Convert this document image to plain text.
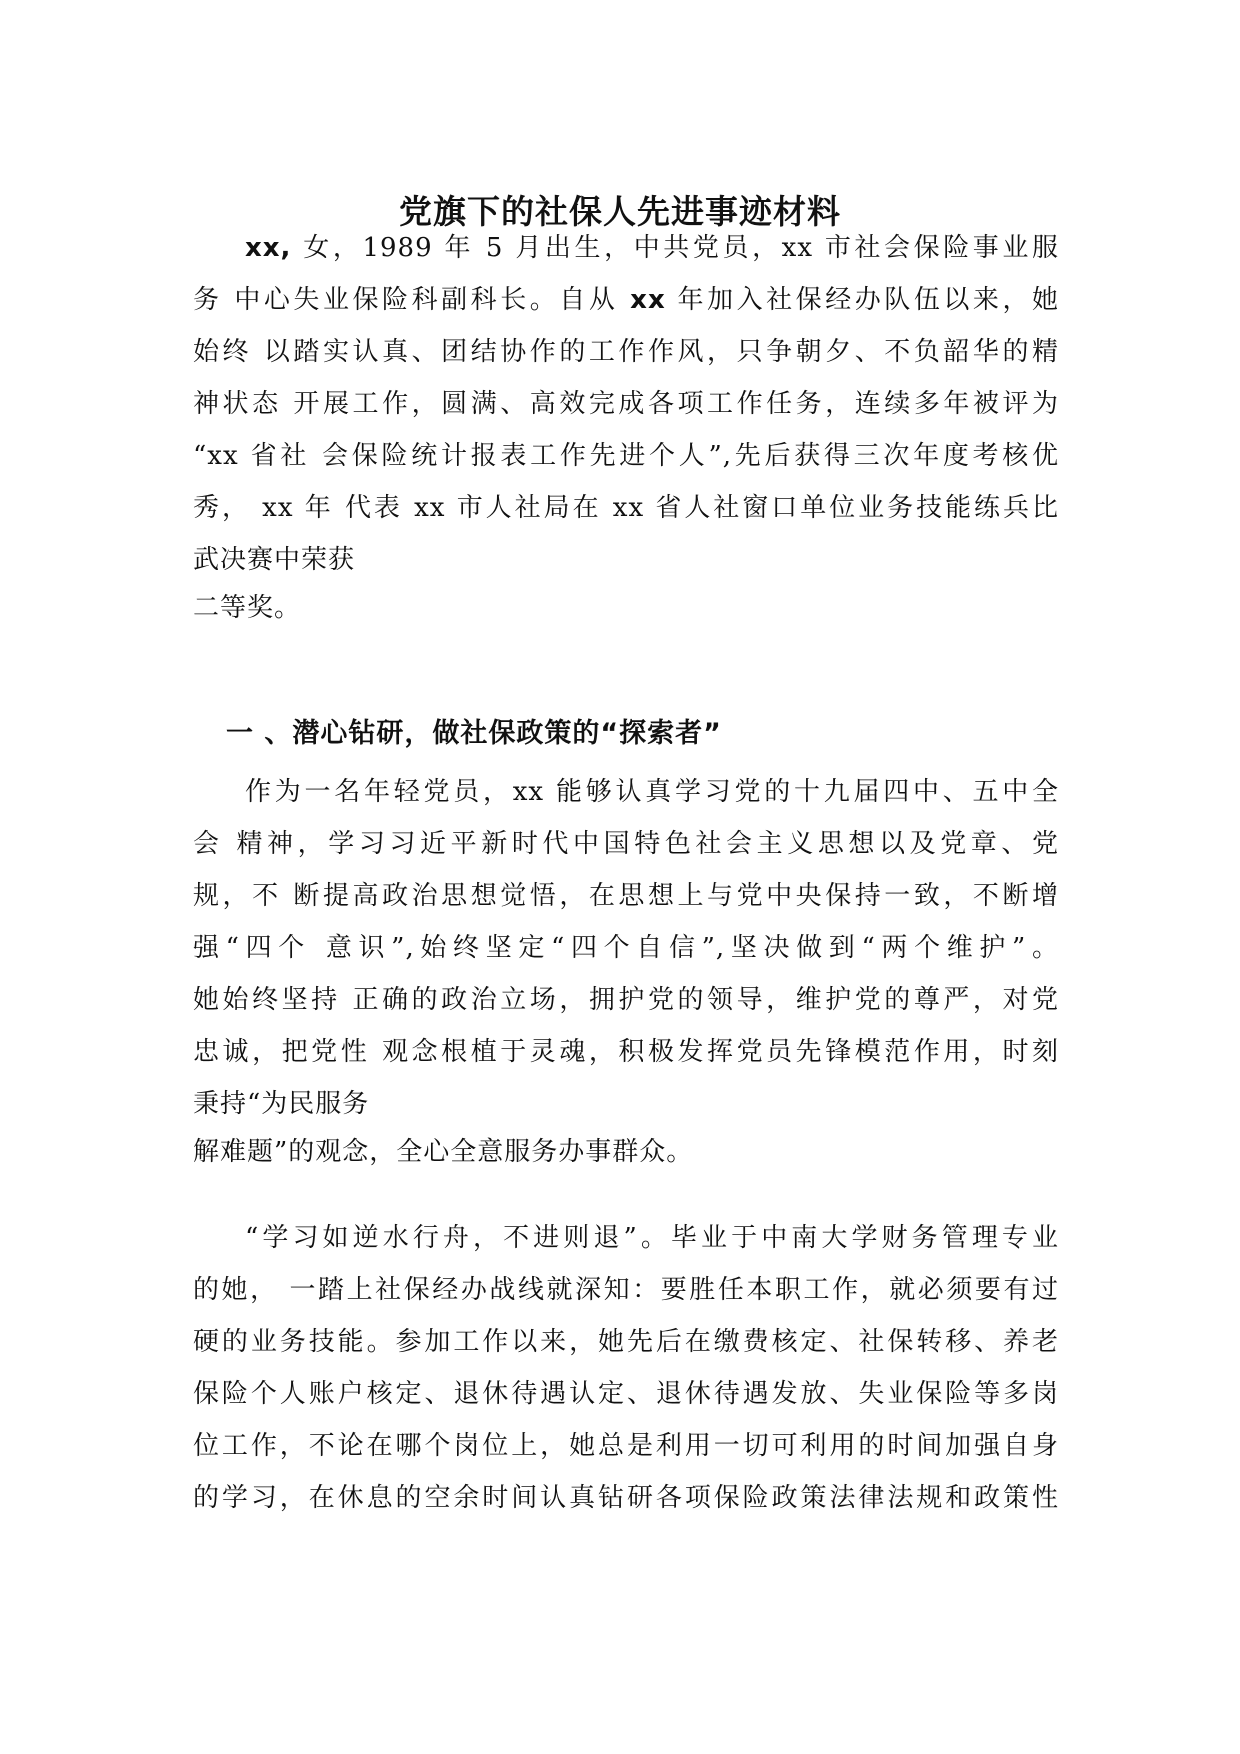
党旗下的社保人先进事迹材料

xx, 女，1989 年 5 月出生，中共党员，xx 市社会保险事业服

务 中心失业保险科副科长。自从 xx 年加入社保经办队伍以来，她

始终 以踏实认真、团结协作的工作作风，只争朝夕、不负韶华的精

神状态 开展工作，圆满、高效完成各项工作任务，连续多年被评为

“xx 省社 会保险统计报表工作先进个人”,先后获得三次年度考核优

秀， xx 年 代表 xx 市人社局在 xx 省人社窗口单位业务技能练兵比

武决赛中荣获

二等奖。

一 、潜心钻研，做社保政策的“探索者”

作为一名年轻党员，xx 能够认真学习党的十九届四中、五中全

会 精神，学习习近平新时代中国特色社会主义思想以及党章、党

规，不 断提高政治思想觉悟，在思想上与党中央保持一致，不断增

强“四个 意识”,始终坚定“四个自信”,坚决做到“两个维护”。

她始终坚持 正确的政治立场，拥护党的领导，维护党的尊严，对党

忠诚，把党性 观念根植于灵魂，积极发挥党员先锋模范作用，时刻

秉持“为民服务

解难题”的观念，全心全意服务办事群众。

“学习如逆水行舟，不进则退”。毕业于中南大学财务管理专业

的她， 一踏上社保经办战线就深知：要胜任本职工作，就必须要有过

硬的业务技能。参加工作以来，她先后在缴费核定、社保转移、养老

保险个人账户核定、退休待遇认定、退休待遇发放、失业保险等多岗

位工作，不论在哪个岗位上，她总是利用一切可利用的时间加强自身

的学习，在休息的空余时间认真钻研各项保险政策法律法规和政策性
